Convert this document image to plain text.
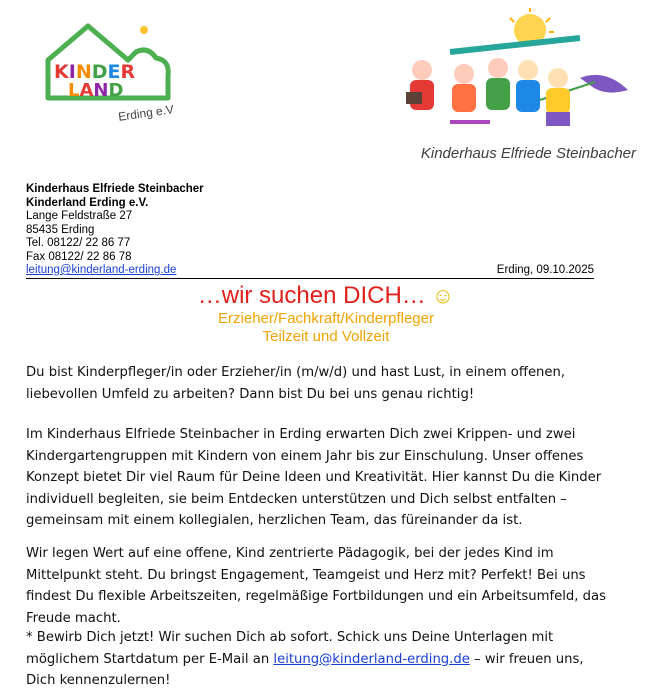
KINDER
LAND
Erding e.V
Kinderhaus Elfriede Steinbacher
Kinderhaus Elfriede Steinbacher
Kinderland Erding e.V.
Lange Feldstraße 27
85435 Erding
Tel. 08122/ 22 86 77
Fax 08122/ 22 86 78
leitung@kinderland-erding.de	Erding, 09.10.2025
…wir suchen DICH… ☺
Erzieher/Fachkraft/Kinderpfleger
Teilzeit und Vollzeit
Du bist Kinderpfleger/in oder Erzieher/in (m/w/d) und hast Lust, in einem offenen, liebevollen Umfeld zu arbeiten? Dann bist Du bei uns genau richtig!
Im Kinderhaus Elfriede Steinbacher in Erding erwarten Dich zwei Krippen- und zwei Kindergartengruppen mit Kindern von einem Jahr bis zur Einschulung. Unser offenes Konzept bietet Dir viel Raum für Deine Ideen und Kreativität. Hier kannst Du die Kinder individuell begleiten, sie beim Entdecken unterstützen und Dich selbst entfalten – gemeinsam mit einem kollegialen, herzlichen Team, das füreinander da ist.
Wir legen Wert auf eine offene, Kind zentrierte Pädagogik, bei der jedes Kind im Mittelpunkt steht. Du bringst Engagement, Teamgeist und Herz mit? Perfekt! Bei uns findest Du flexible Arbeitszeiten, regelmäßige Fortbildungen und ein Arbeitsumfeld, das Freude macht.
* Bewirb Dich jetzt! Wir suchen Dich ab sofort. Schick uns Deine Unterlagen mit möglichem Startdatum per E-Mail an leitung@kinderland-erding.de – wir freuen uns, Dich kennenzulernen!
